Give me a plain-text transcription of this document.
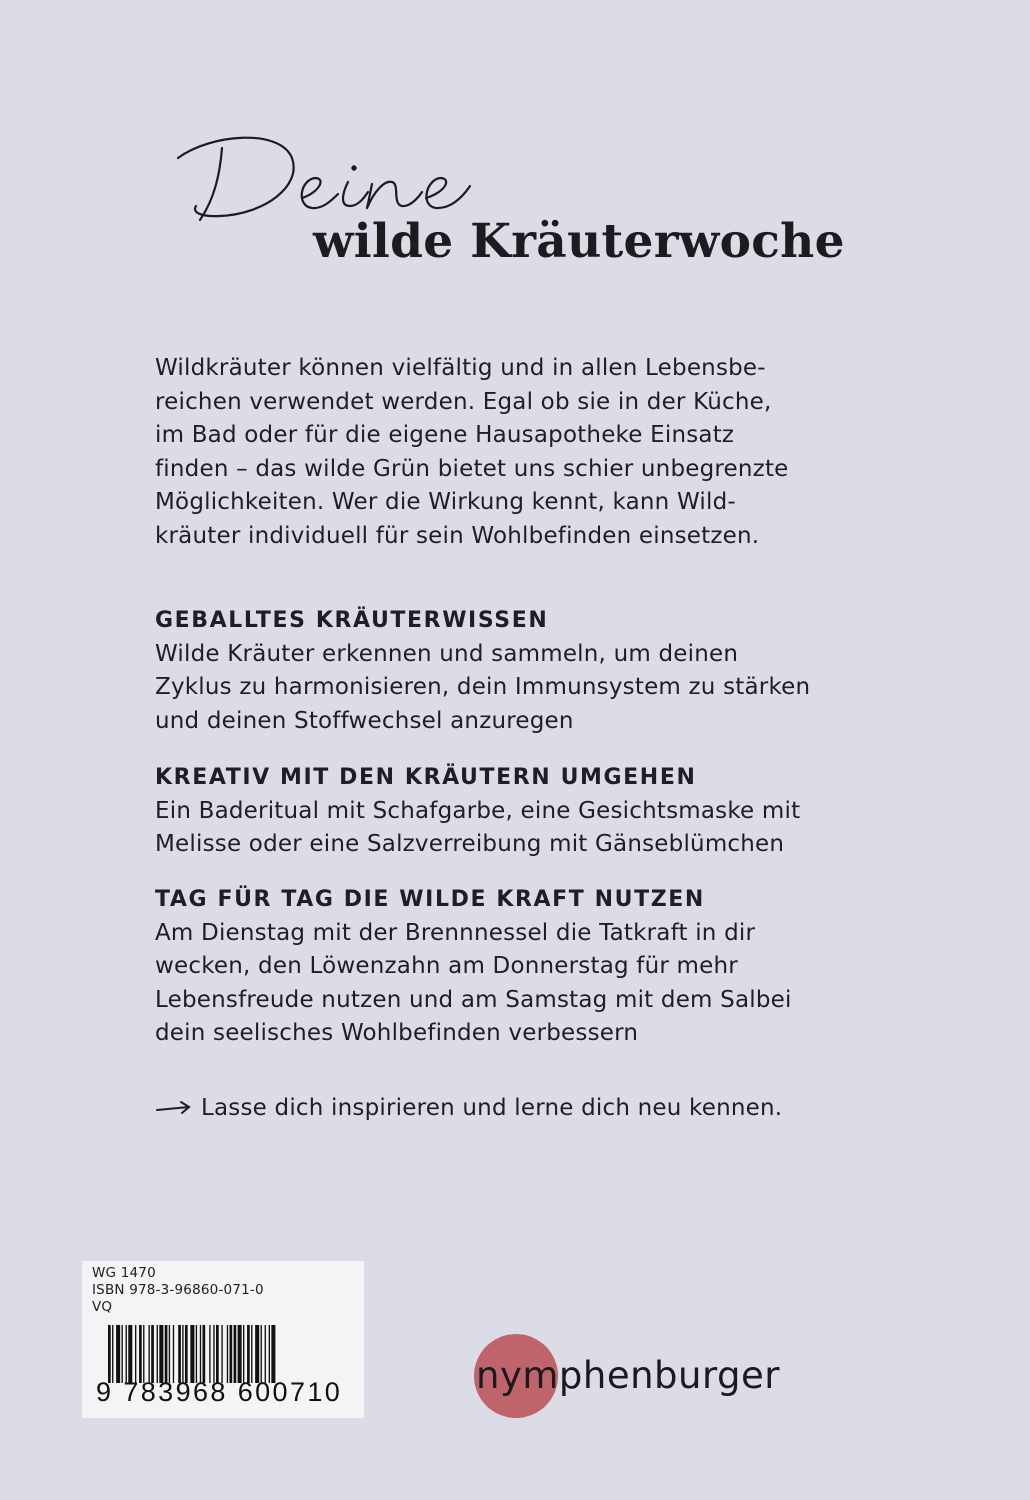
wilde Kräuterwoche

Wildkräuter können vielfältig und in allen Lebensbe-
reichen verwendet werden. Egal ob sie in der Küche,
im Bad oder für die eigene Hausapotheke Einsatz
finden – das wilde Grün bietet uns schier unbegrenzte
Möglichkeiten. Wer die Wirkung kennt, kann Wild-
kräuter individuell für sein Wohlbefinden einsetzen.

GEBALLTES KRÄUTERWISSEN

Wilde Kräuter erkennen und sammeln, um deinen
Zyklus zu harmonisieren, dein Immunsystem zu stärken
und deinen Stoffwechsel anzuregen

KREATIV MIT DEN KRÄUTERN UMGEHEN

Ein Baderitual mit Schafgarbe, eine Gesichtsmaske mit
Melisse oder eine Salzverreibung mit Gänseblümchen

TAG FÜR TAG DIE WILDE KRAFT NUTZEN

Am Dienstag mit der Brennnessel die Tatkraft in dir
wecken, den Löwenzahn am Donnerstag für mehr
Lebensfreude nutzen und am Samstag mit dem Salbei
dein seelisches Wohlbefinden verbessern

Lasse dich inspirieren und lerne dich neu kennen.
WG 1470
ISBN 978-3-96860-071-0
VQ
9 783968 600710	nymphenburger
